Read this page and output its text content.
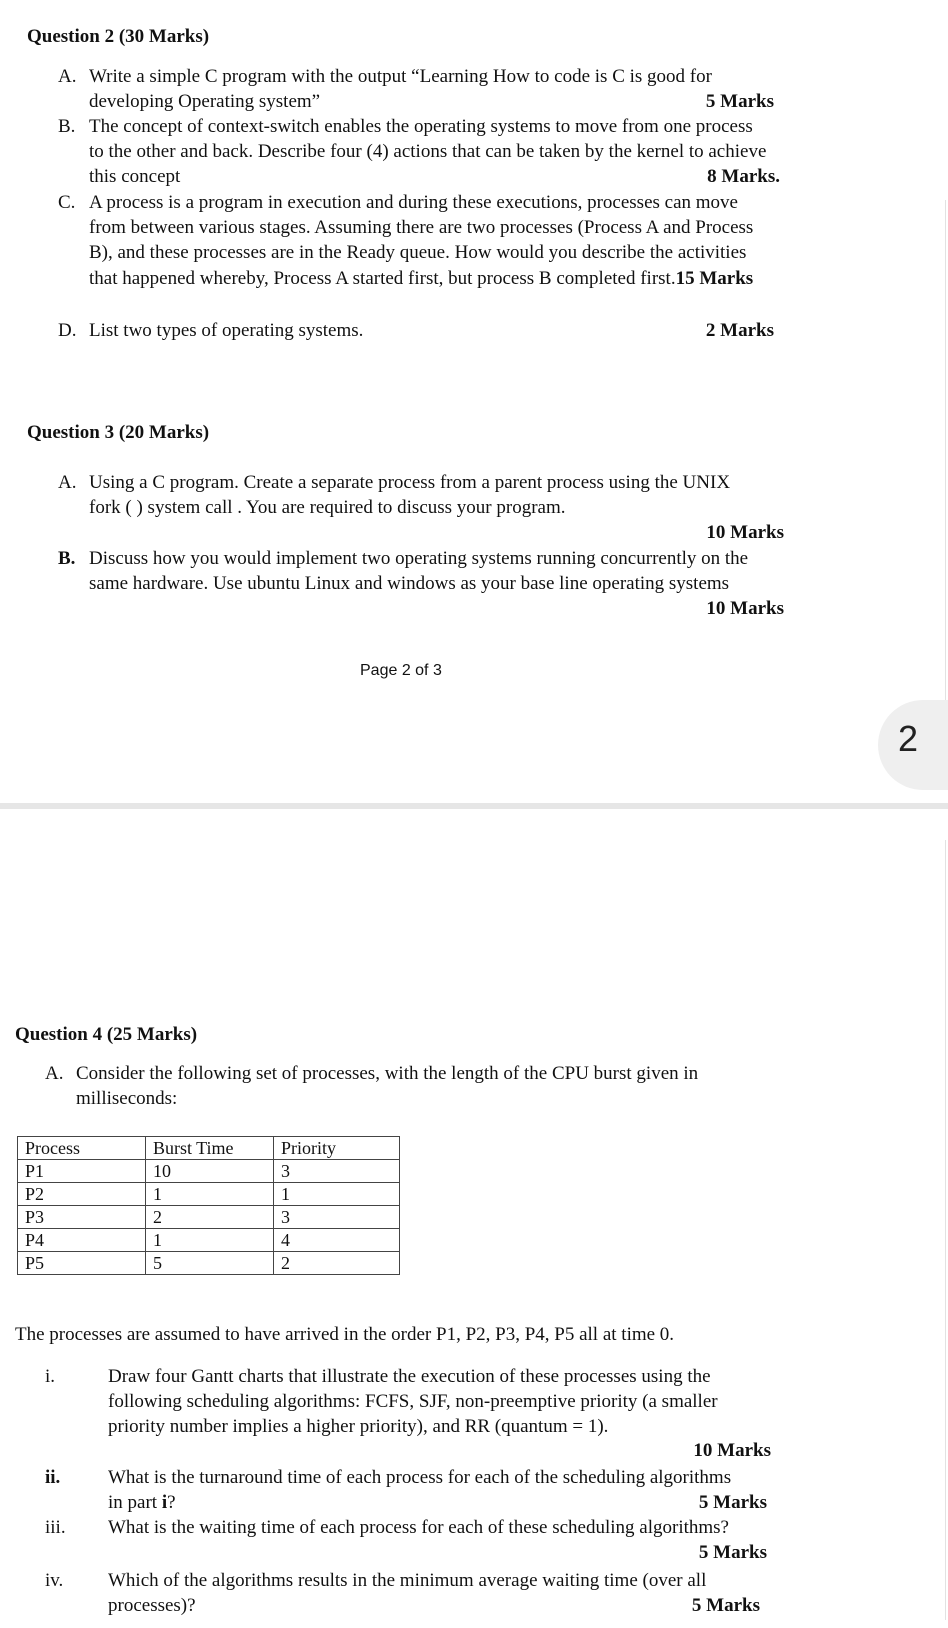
Question 2 (30 Marks)
A. Write a simple C program with the output “Learning How to code is C is good for
developing Operating system”	5 Marks
B. The concept of context-switch enables the operating systems to move from one process
to the other and back. Describe four (4) actions that can be taken by the kernel to achieve
this concept	8 Marks.
C. A process is a program in execution and during these executions, processes can move
from between various stages. Assuming there are two processes (Process A and Process
B), and these processes are in the Ready queue. How would you describe the activities
that happened whereby, Process A started first, but process B completed first.15 Marks
D. List two types of operating systems.	2 Marks
Question 3 (20 Marks)
A. Using a C program. Create a separate process from a parent process using the UNIX
fork ( ) system call . You are required to discuss your program.
10 Marks
B. Discuss how you would implement two operating systems running concurrently on the
same hardware. Use ubuntu Linux and windows as your base line operating systems
10 Marks
Page 2 of 3
2
Question 4 (25 Marks)
A. Consider the following set of processes, with the length of the CPU burst given in
milliseconds:
Process	Burst Time	Priority
P1	10	3
P2	1	1
P3	2	3
P4	1	4
P5	5	2
The processes are assumed to have arrived in the order P1, P2, P3, P4, P5 all at time 0.
i.	Draw four Gantt charts that illustrate the execution of these processes using the
following scheduling algorithms: FCFS, SJF, non-preemptive priority (a smaller
priority number implies a higher priority), and RR (quantum = 1).
10 Marks
ii.	What is the turnaround time of each process for each of the scheduling algorithms
in part i?	5 Marks
iii. What is the waiting time of each process for each of these scheduling algorithms?
5 Marks
iv. Which of the algorithms results in the minimum average waiting time (over all
processes)?	5 Marks
